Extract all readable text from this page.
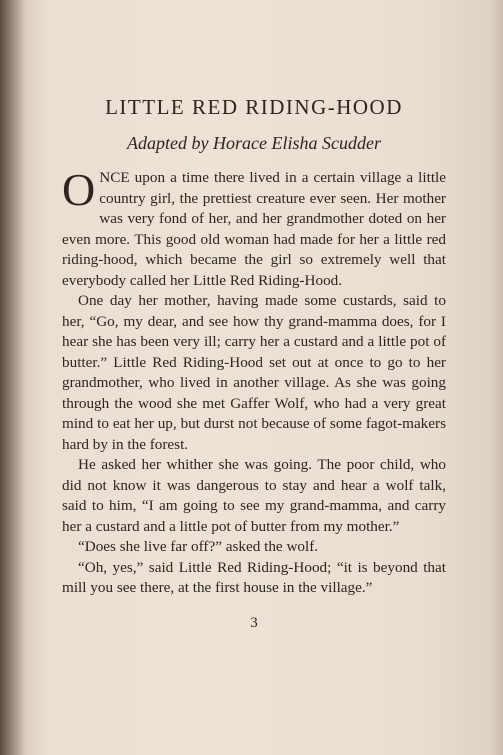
LITTLE RED RIDING-HOOD
Adapted by Horace Elisha Scudder

ONCE upon a time there lived in a certain village a little country girl, the prettiest creature ever seen. Her mother was very fond of her, and her grandmother doted on her even more. This good old woman had made for her a little red riding-hood, which became the girl so extremely well that everybody called her Little Red Riding-Hood.

One day her mother, having made some custards, said to her, “Go, my dear, and see how thy grand-mamma does, for I hear she has been very ill; carry her a custard and a little pot of butter.” Little Red Riding-Hood set out at once to go to her grandmother, who lived in another village. As she was going through the wood she met Gaffer Wolf, who had a very great mind to eat her up, but durst not because of some fagot-makers hard by in the forest.

He asked her whither she was going. The poor child, who did not know it was dangerous to stay and hear a wolf talk, said to him, “I am going to see my grand-mamma, and carry her a custard and a little pot of butter from my mother.”

“Does she live far off?” asked the wolf.

“Oh, yes,” said Little Red Riding-Hood; “it is beyond that mill you see there, at the first house in the village.”

3
